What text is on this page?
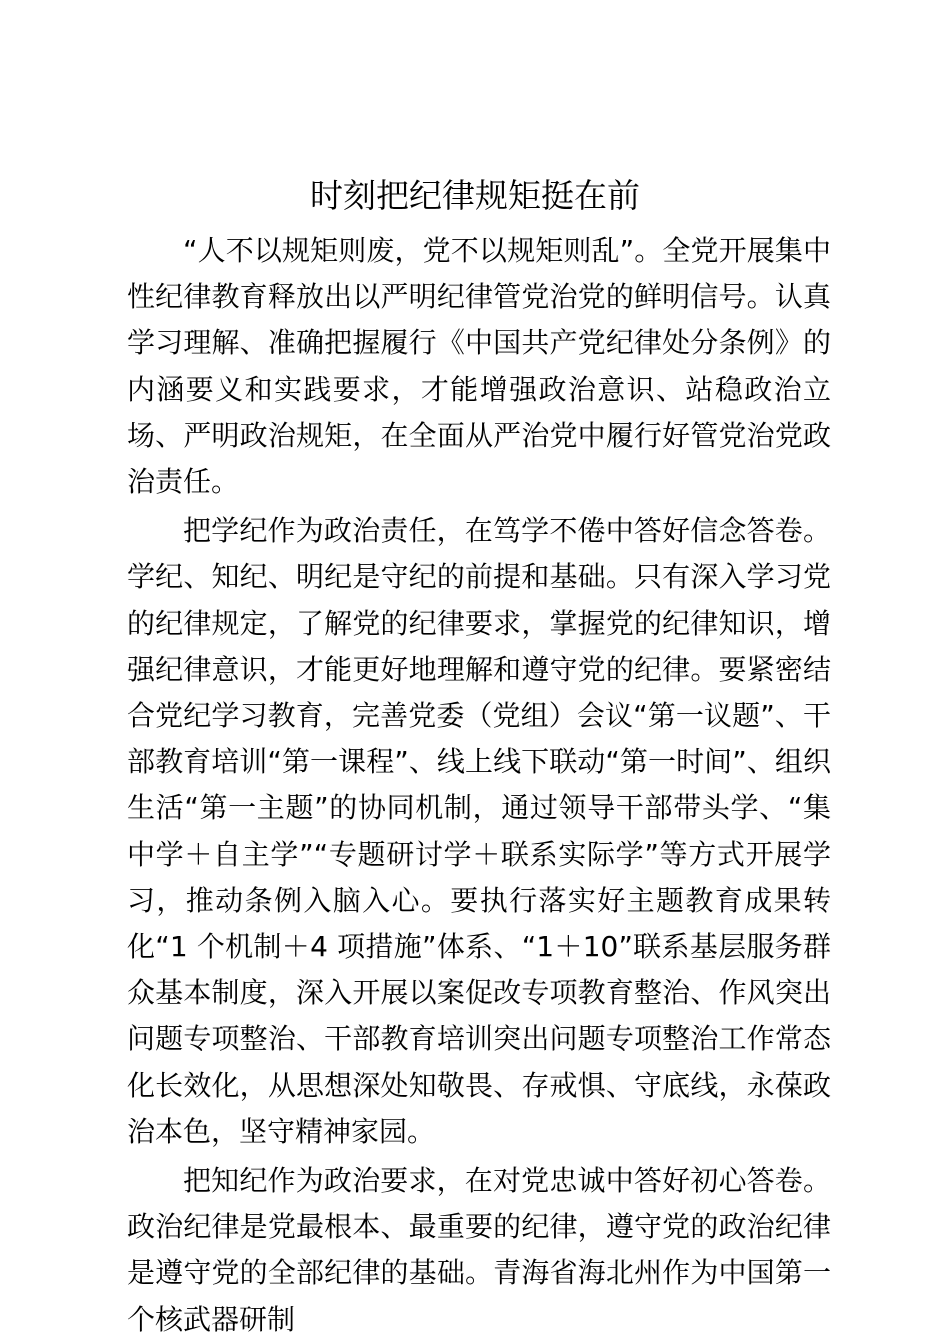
时刻把纪律规矩挺在前

“人不以规矩则废，党不以规矩则乱”。全党开展集中性纪律教育释放出以严明纪律管党治党的鲜明信号。认真学习理解、准确把握履行《中国共产党纪律处分条例》的内涵要义和实践要求，才能增强政治意识、站稳政治立场、严明政治规矩，在全面从严治党中履行好管党治党政治责任。

把学纪作为政治责任，在笃学不倦中答好信念答卷。学纪、知纪、明纪是守纪的前提和基础。只有深入学习党的纪律规定，了解党的纪律要求，掌握党的纪律知识，增强纪律意识，才能更好地理解和遵守党的纪律。要紧密结合党纪学习教育，完善党委（党组）会议“第一议题”、干部教育培训“第一课程”、线上线下联动“第一时间”、组织生活“第一主题”的协同机制，通过领导干部带头学、“集中学＋自主学”“专题研讨学＋联系实际学”等方式开展学习，推动条例入脑入心。要执行落实好主题教育成果转化“1 个机制＋4 项措施”体系、“1＋10”联系基层服务群众基本制度，深入开展以案促改专项教育整治、作风突出问题专项整治、干部教育培训突出问题专项整治工作常态化长效化，从思想深处知敬畏、存戒惧、守底线，永葆政治本色，坚守精神家园。

把知纪作为政治要求，在对党忠诚中答好初心答卷。政治纪律是党最根本、最重要的纪律，遵守党的政治纪律是遵守党的全部纪律的基础。青海省海北州作为中国第一个核武器研制
